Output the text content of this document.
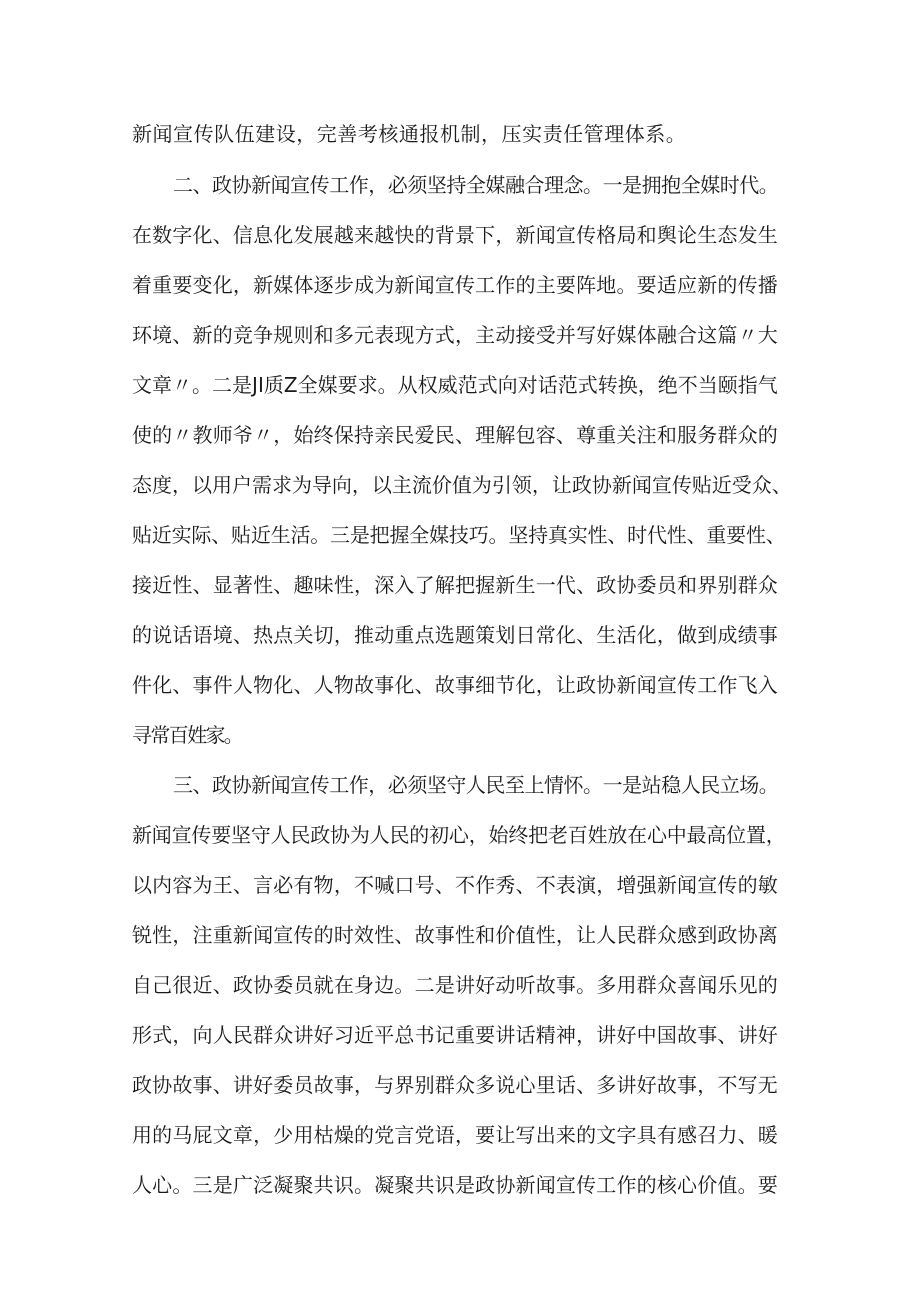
新闻宣传队伍建设，完善考核通报机制，压实责任管理体系。
二、政协新闻宣传工作，必须坚持全媒融合理念。一是拥抱全媒时代。
在数字化、信息化发展越来越快的背景下，新闻宣传格局和舆论生态发生
着重要变化，新媒体逐步成为新闻宣传工作的主要阵地。要适应新的传播
环境、新的竞争规则和多元表现方式，主动接受并写好媒体融合这篇〃大
文章〃。二是JI质Z全媒要求。从权威范式向对话范式转换，绝不当颐指气
使的〃教师爷〃，始终保持亲民爱民、理解包容、尊重关注和服务群众的
态度，以用户需求为导向，以主流价值为引领，让政协新闻宣传贴近受众、
贴近实际、贴近生活。三是把握全媒技巧。坚持真实性、时代性、重要性、
接近性、显著性、趣味性，深入了解把握新生一代、政协委员和界别群众
的说话语境、热点关切，推动重点选题策划日常化、生活化，做到成绩事
件化、事件人物化、人物故事化、故事细节化，让政协新闻宣传工作飞入
寻常百姓家。
三、政协新闻宣传工作，必须坚守人民至上情怀。一是站稳人民立场。
新闻宣传要坚守人民政协为人民的初心，始终把老百姓放在心中最高位置，
以内容为王、言必有物，不喊口号、不作秀、不表演，增强新闻宣传的敏
锐性，注重新闻宣传的时效性、故事性和价值性，让人民群众感到政协离
自己很近、政协委员就在身边。二是讲好动听故事。多用群众喜闻乐见的
形式，向人民群众讲好习近平总书记重要讲话精神，讲好中国故事、讲好
政协故事、讲好委员故事，与界别群众多说心里话、多讲好故事，不写无
用的马屁文章，少用枯燥的党言党语，要让写出来的文字具有感召力、暖
人心。三是广泛凝聚共识。凝聚共识是政协新闻宣传工作的核心价值。要
